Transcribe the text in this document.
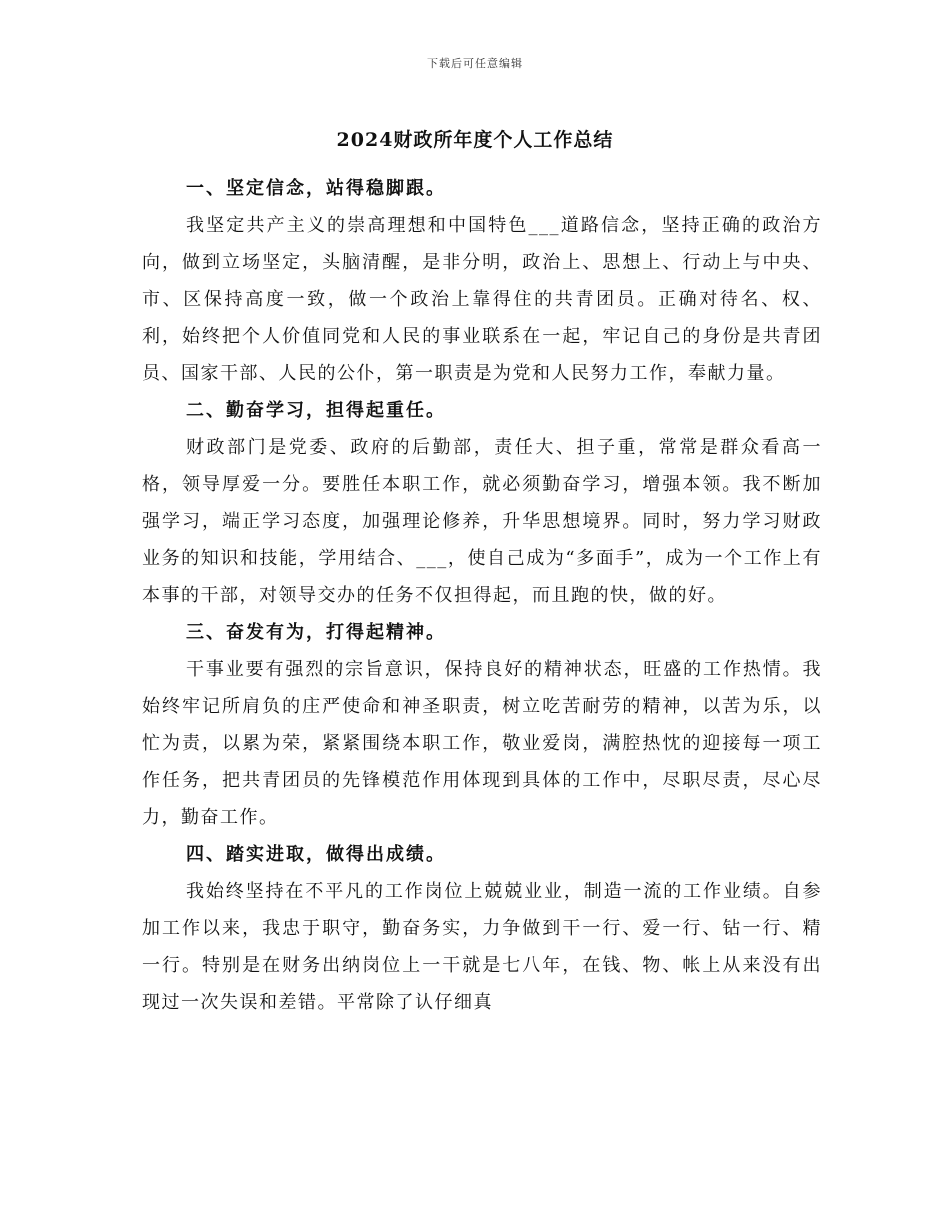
下载后可任意编辑
2024财政所年度个人工作总结

一、坚定信念，站得稳脚跟。

我坚定共产主义的崇高理想和中国特色___道路信念，坚持正确的政治方向，做到立场坚定，头脑清醒，是非分明，政治上、思想上、行动上与中央、市、区保持高度一致，做一个政治上靠得住的共青团员。正确对待名、权、利，始终把个人价值同党和人民的事业联系在一起，牢记自己的身份是共青团员、国家干部、人民的公仆，第一职责是为党和人民努力工作，奉献力量。

二、勤奋学习，担得起重任。

财政部门是党委、政府的后勤部，责任大、担子重，常常是群众看高一格，领导厚爱一分。要胜任本职工作，就必须勤奋学习，增强本领。我不断加强学习，端正学习态度，加强理论修养，升华思想境界。同时，努力学习财政业务的知识和技能，学用结合、___，使自己成为“多面手”，成为一个工作上有本事的干部，对领导交办的任务不仅担得起，而且跑的快，做的好。

三、奋发有为，打得起精神。

干事业要有强烈的宗旨意识，保持良好的精神状态，旺盛的工作热情。我始终牢记所肩负的庄严使命和神圣职责，树立吃苦耐劳的精神，以苦为乐，以忙为责，以累为荣，紧紧围绕本职工作，敬业爱岗，满腔热忱的迎接每一项工作任务，把共青团员的先锋模范作用体现到具体的工作中，尽职尽责，尽心尽力，勤奋工作。

四、踏实进取，做得出成绩。

我始终坚持在不平凡的工作岗位上兢兢业业，制造一流的工作业绩。自参加工作以来，我忠于职守，勤奋务实，力争做到干一行、爱一行、钻一行、精一行。特别是在财务出纳岗位上一干就是七八年，在钱、物、帐上从来没有出现过一次失误和差错。平常除了认仔细真
